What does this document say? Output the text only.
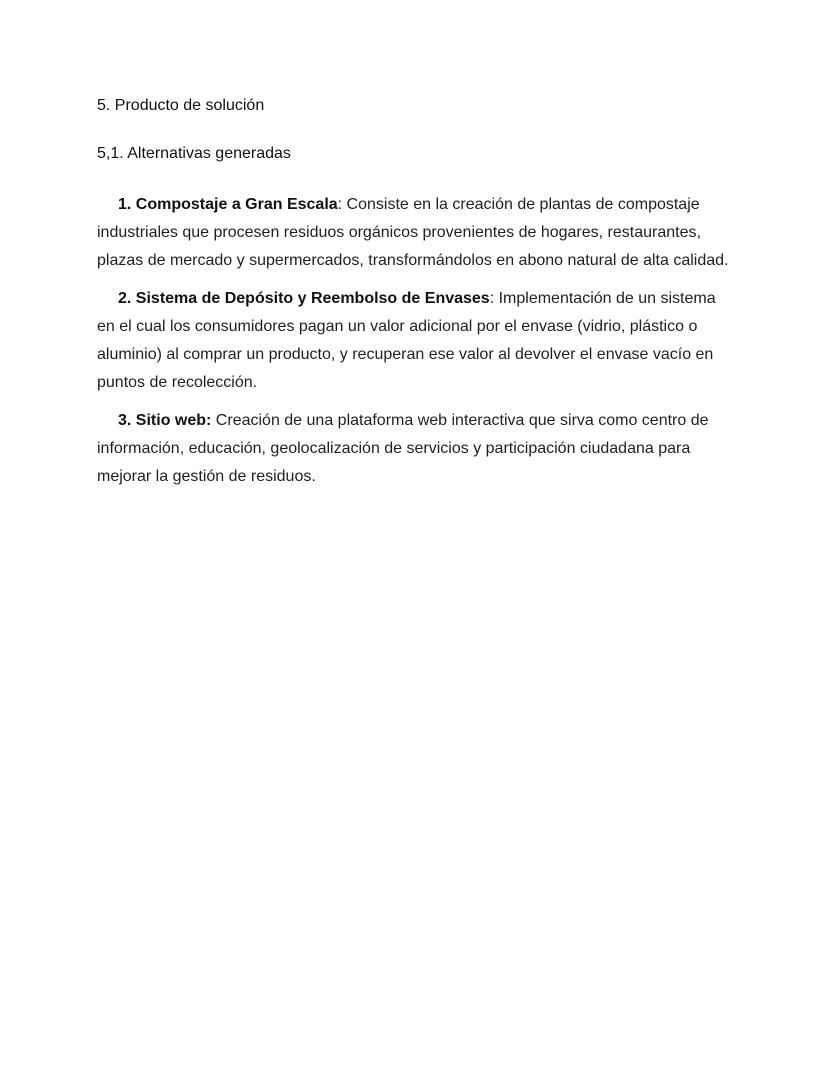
5. Producto de solución

5,1. Alternativas generadas

1. Compostaje a Gran Escala: Consiste en la creación de plantas de compostaje industriales que procesen residuos orgánicos provenientes de hogares, restaurantes, plazas de mercado y supermercados, transformándolos en abono natural de alta calidad.

2. Sistema de Depósito y Reembolso de Envases: Implementación de un sistema en el cual los consumidores pagan un valor adicional por el envase (vidrio, plástico o aluminio) al comprar un producto, y recuperan ese valor al devolver el envase vacío en puntos de recolección.

3. Sitio web: Creación de una plataforma web interactiva que sirva como centro de información, educación, geolocalización de servicios y participación ciudadana para mejorar la gestión de residuos.
